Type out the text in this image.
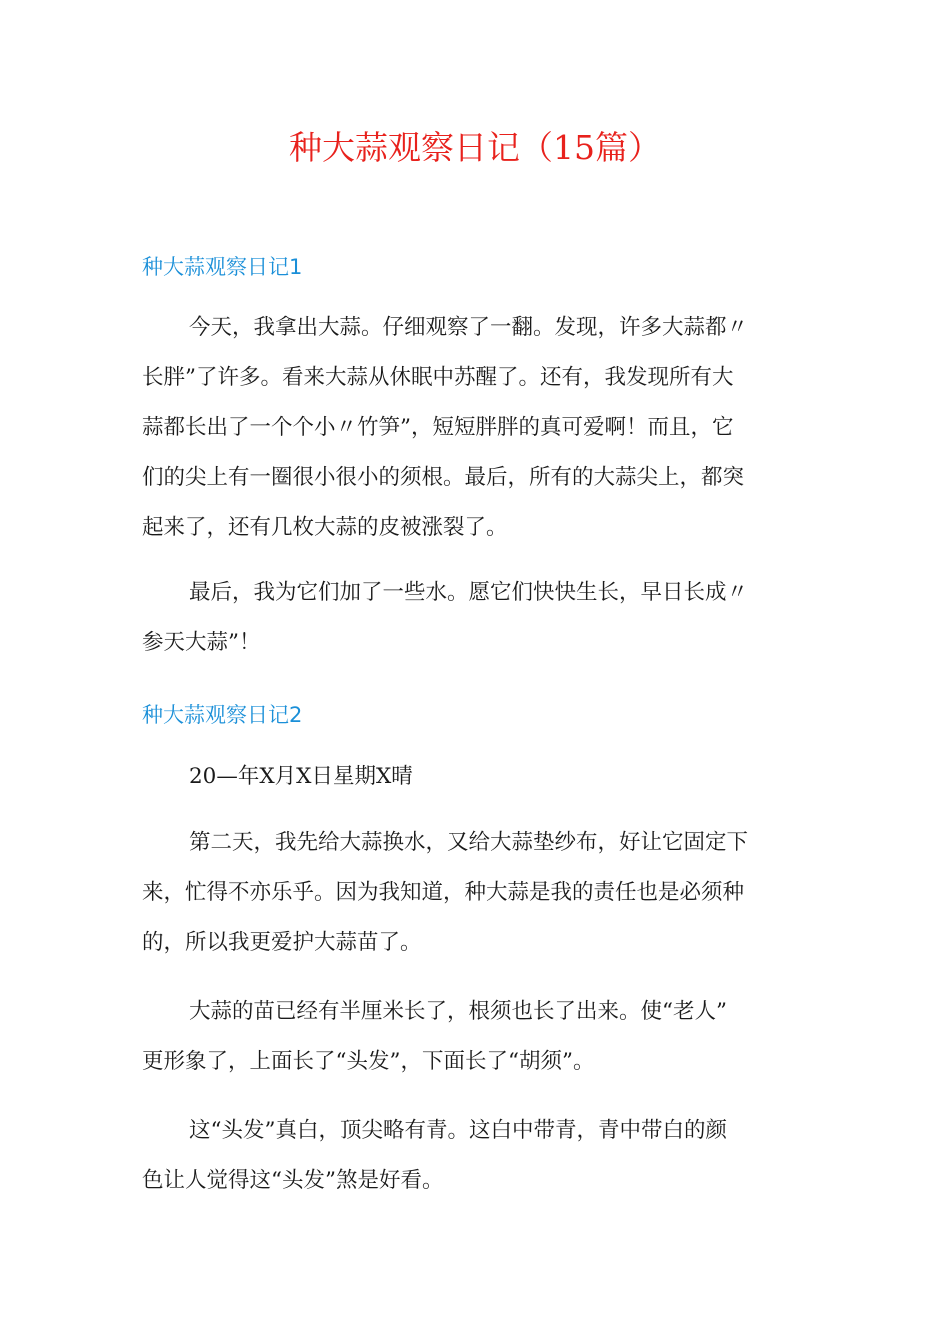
种大蒜观察日记（15篇）
种大蒜观察日记1

今天，我拿出大蒜。仔细观察了一翻。发现，许多大蒜都〃
长胖”了许多。看来大蒜从休眠中苏醒了。还有，我发现所有大
蒜都长出了一个个小〃竹笋”，短短胖胖的真可爱啊！而且，它
们的尖上有一圈很小很小的须根。最后，所有的大蒜尖上，都突
起来了，还有几枚大蒜的皮被涨裂了。

最后，我为它们加了一些水。愿它们快快生长，早日长成〃
参天大蒜”！

种大蒜观察日记2

20—年X月X日星期X晴

第二天，我先给大蒜换水，又给大蒜垫纱布，好让它固定下
来，忙得不亦乐乎。因为我知道，种大蒜是我的责任也是必须种
的，所以我更爱护大蒜苗了。

大蒜的苗已经有半厘米长了，根须也长了出来。使“老人”
更形象了，上面长了“头发”，下面长了“胡须”。

这“头发”真白，顶尖略有青。这白中带青，青中带白的颜
色让人觉得这“头发”煞是好看。
